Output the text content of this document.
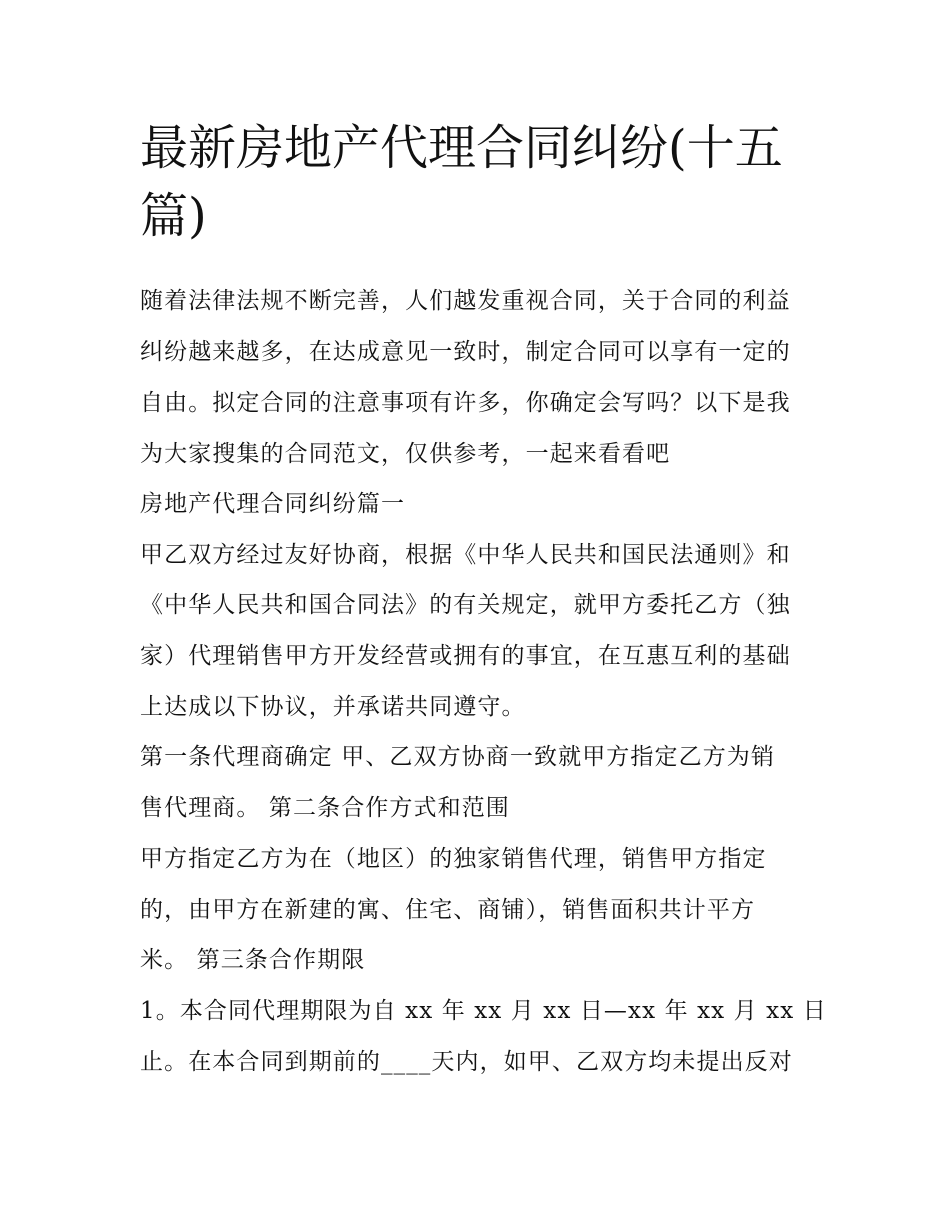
最新房地产代理合同纠纷(十五篇)
随着法律法规不断完善，人们越发重视合同，关于合同的利益
纠纷越来越多，在达成意见一致时，制定合同可以享有一定的
自由。拟定合同的注意事项有许多，你确定会写吗？以下是我
为大家搜集的合同范文，仅供参考，一起来看看吧
房地产代理合同纠纷篇一
甲乙双方经过友好协商，根据《中华人民共和国民法通则》和
《中华人民共和国合同法》的有关规定，就甲方委托乙方（独
家）代理销售甲方开发经营或拥有的事宜，在互惠互利的基础
上达成以下协议，并承诺共同遵守。
第一条代理商确定 甲、乙双方协商一致就甲方指定乙方为销
售代理商。 第二条合作方式和范围
甲方指定乙方为在（地区）的独家销售代理，销售甲方指定
的，由甲方在新建的寓、住宅、商铺），销售面积共计平方
米。 第三条合作期限
1。本合同代理期限为自 xx 年 xx 月 xx 日—xx 年 xx 月 xx 日
止。在本合同到期前的____天内，如甲、乙双方均未提出反对
